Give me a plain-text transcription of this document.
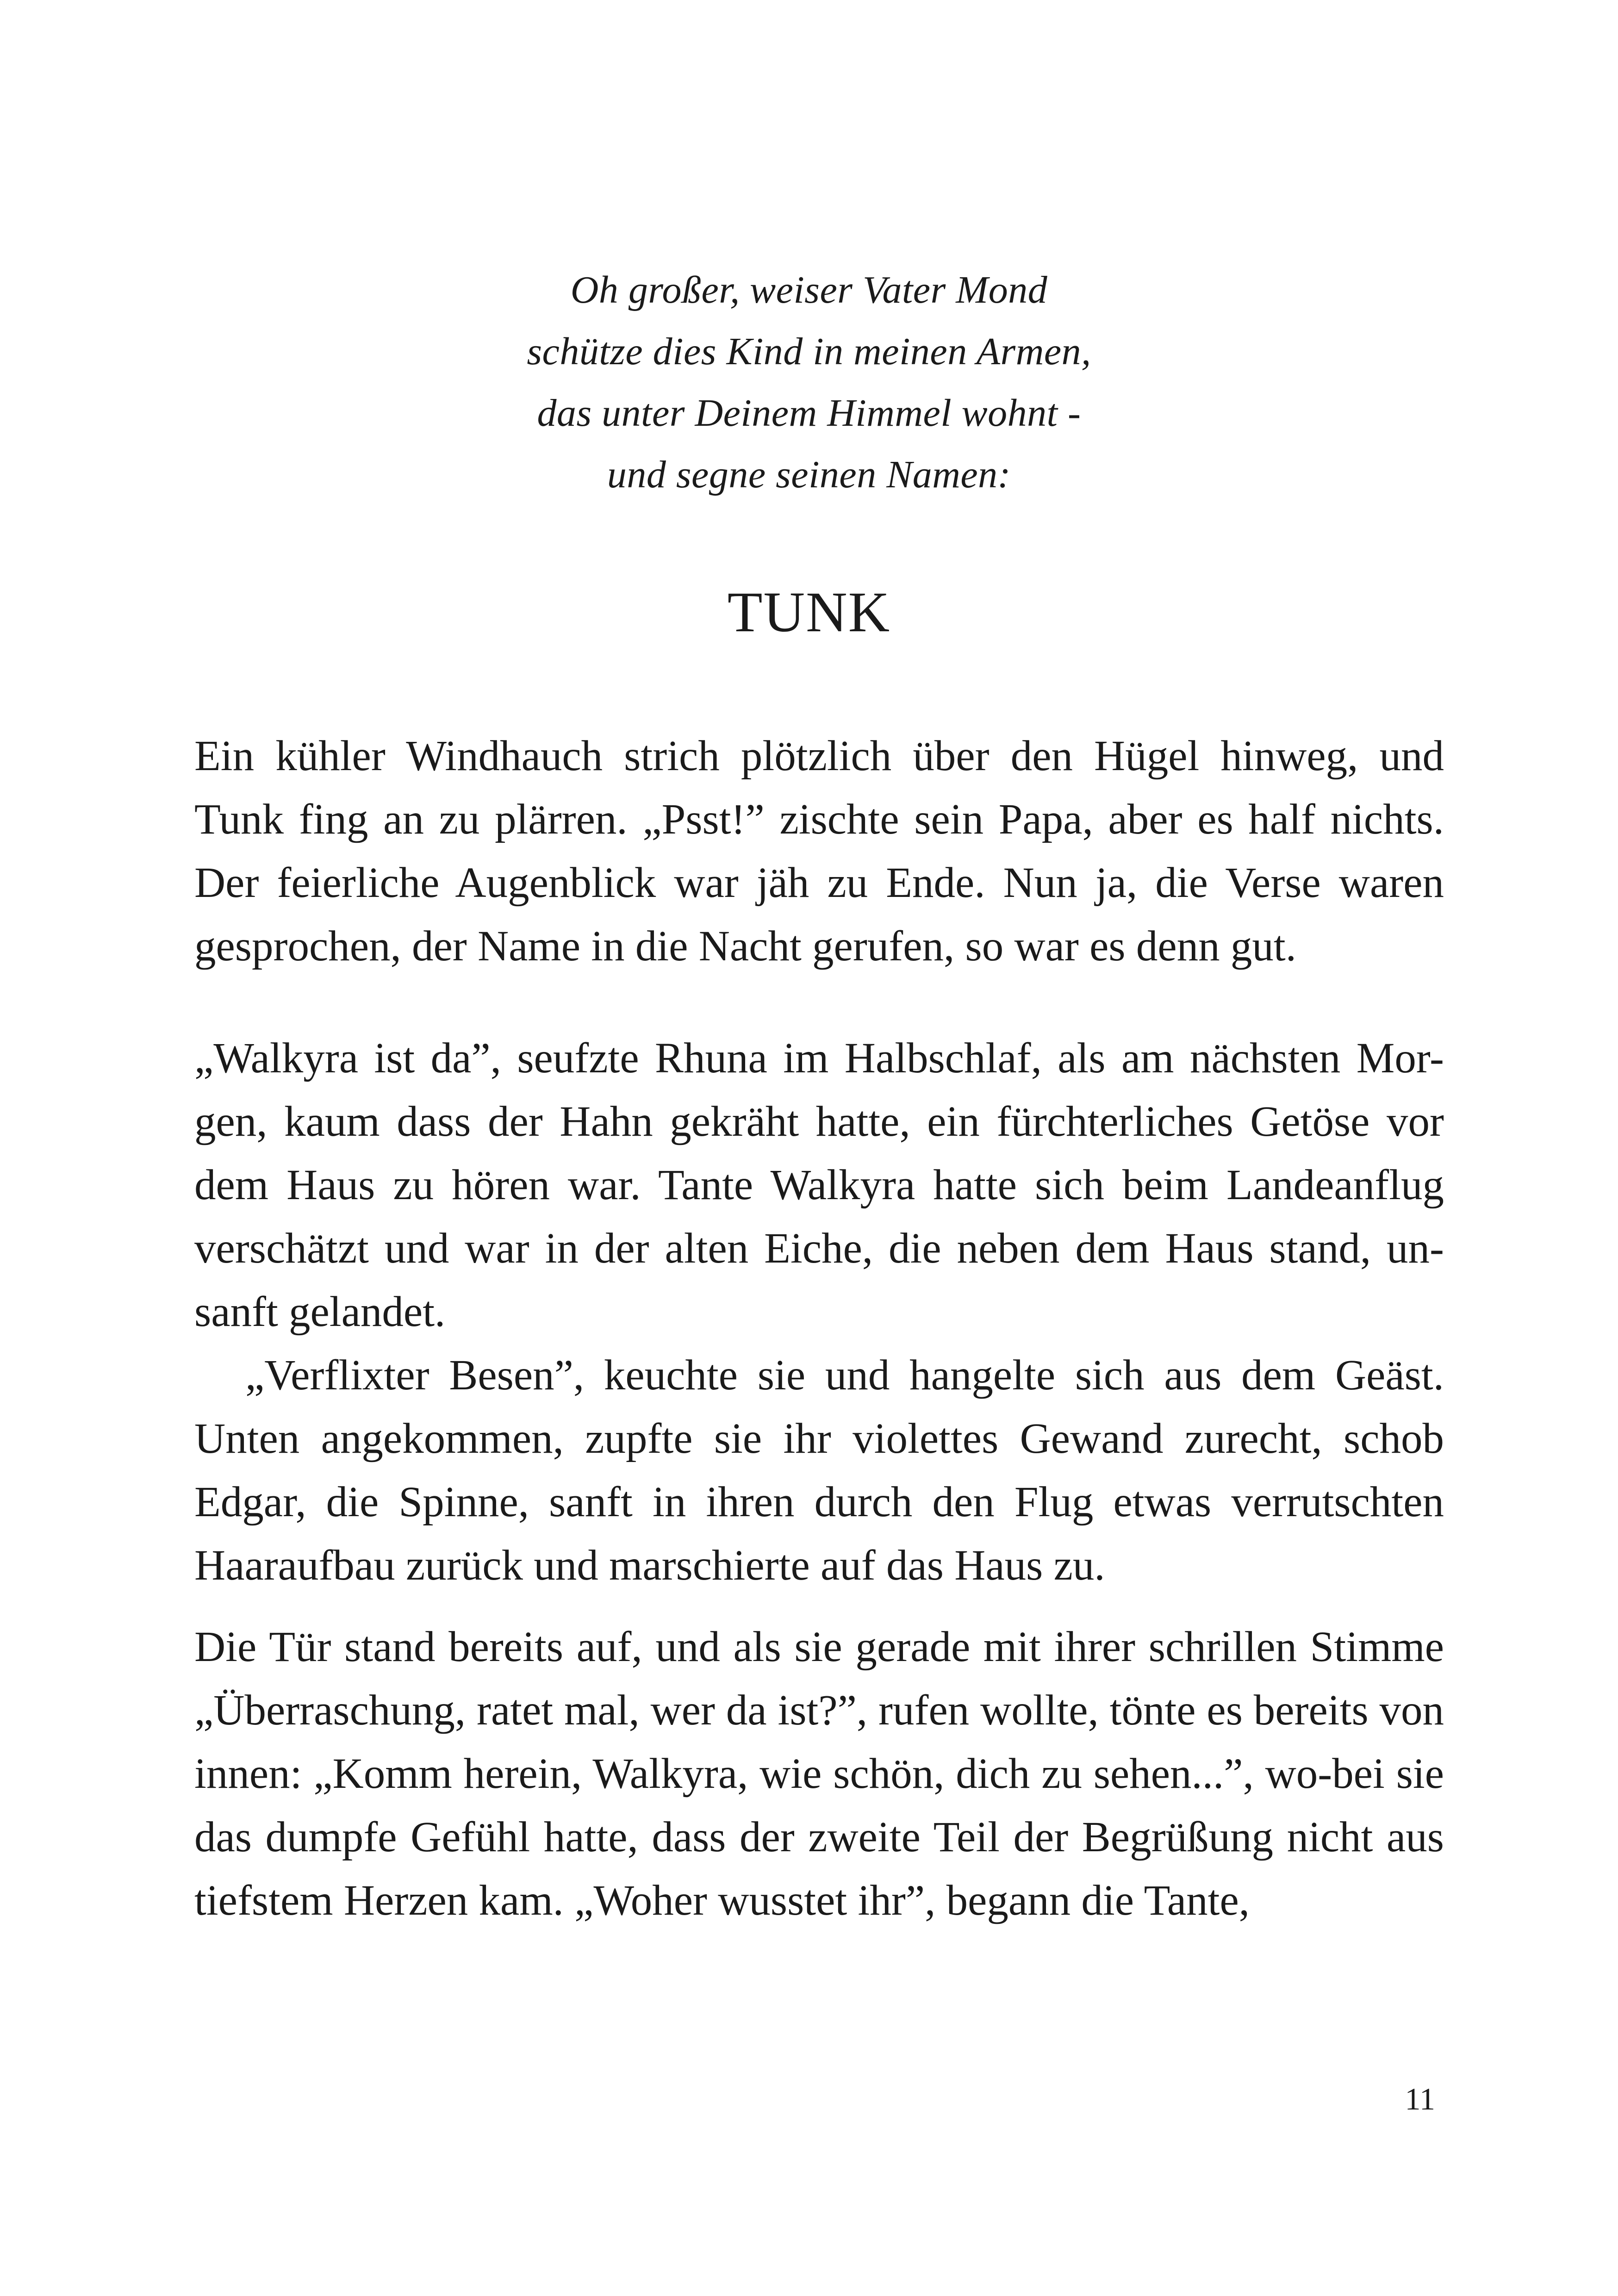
Oh großer, weiser Vater Mond
schütze dies Kind in meinen Armen,
das unter Deinem Himmel wohnt -
und segne seinen Namen:
TUNK

Ein kühler Windhauch strich plötzlich über den Hügel hinweg, und Tunk fing an zu plärren. „Psst!” zischte sein Papa, aber es half nichts. Der feierliche Augenblick war jäh zu Ende. Nun ja, die Verse waren gesprochen, der Name in die Nacht gerufen, so war es denn gut.

„Walkyra ist da”, seufzte Rhuna im Halbschlaf, als am nächsten Mor-gen, kaum dass der Hahn gekräht hatte, ein fürchterliches Getöse vor dem Haus zu hören war. Tante Walkyra hatte sich beim Landeanflug verschätzt und war in der alten Eiche, die neben dem Haus stand, un-sanft gelandet.

„Verflixter Besen”, keuchte sie und hangelte sich aus dem Geäst. Unten angekommen, zupfte sie ihr violettes Gewand zurecht, schob Edgar, die Spinne, sanft in ihren durch den Flug etwas verrutschten Haaraufbau zurück und marschierte auf das Haus zu.

Die Tür stand bereits auf, und als sie gerade mit ihrer schrillen Stimme „Überraschung, ratet mal, wer da ist?”, rufen wollte, tönte es bereits von innen: „Komm herein, Walkyra, wie schön, dich zu sehen...”, wo-bei sie das dumpfe Gefühl hatte, dass der zweite Teil der Begrüßung nicht aus tiefstem Herzen kam. „Woher wusstet ihr”, begann die Tante,

11
